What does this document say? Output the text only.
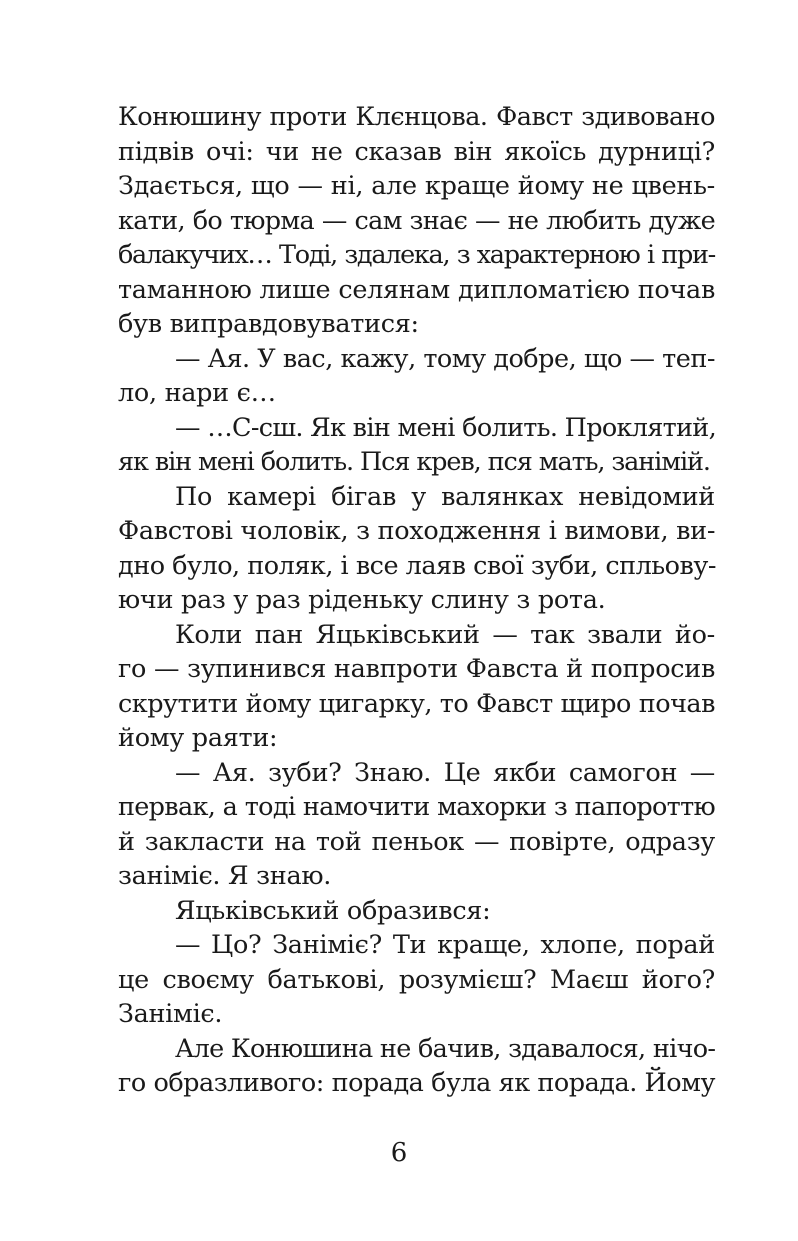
Конюшину проти Клєнцова. Фавст здивовано
підвів очі: чи не сказав він якоїсь дурниці?
Здається, що — ні, але краще йому не цвень-
кати, бо тюрма — сам знає — не любить дуже
балакучих… Тоді, здалека, з характерною і при-
таманною лише селянам дипломатією почав
був виправдовуватися:
— Ая. У вас, кажу, тому добре, що — теп-
ло, нари є…
— …С-сш. Як він мені болить. Проклятий,
як він мені болить. Пся крев, пся мать, занімій.
По камері бігав у валянках невідомий
Фавстові чоловік, з походження і вимови, ви-
дно було, поляк, і все лаяв свої зуби, спльову-
ючи раз у раз ріденьку слину з рота.
Коли пан Яцьківський — так звали йо-
го — зупинився навпроти Фавста й попросив
скрутити йому цигарку, то Фавст щиро почав
йому раяти:
— Ая. зуби? Знаю. Це якби самогон —
первак, а тоді намочити махорки з папороттю
й закласти на той пеньок — повірте, одразу
заніміє. Я знаю.
Яцьківський образився:
— Цо? Заніміє? Ти краще, хлопе, порай
це своєму батькові, розумієш? Маєш його?
Заніміє.
Але Конюшина не бачив, здавалося, нічо-
го образливого: порада була як порада. Йому
6
